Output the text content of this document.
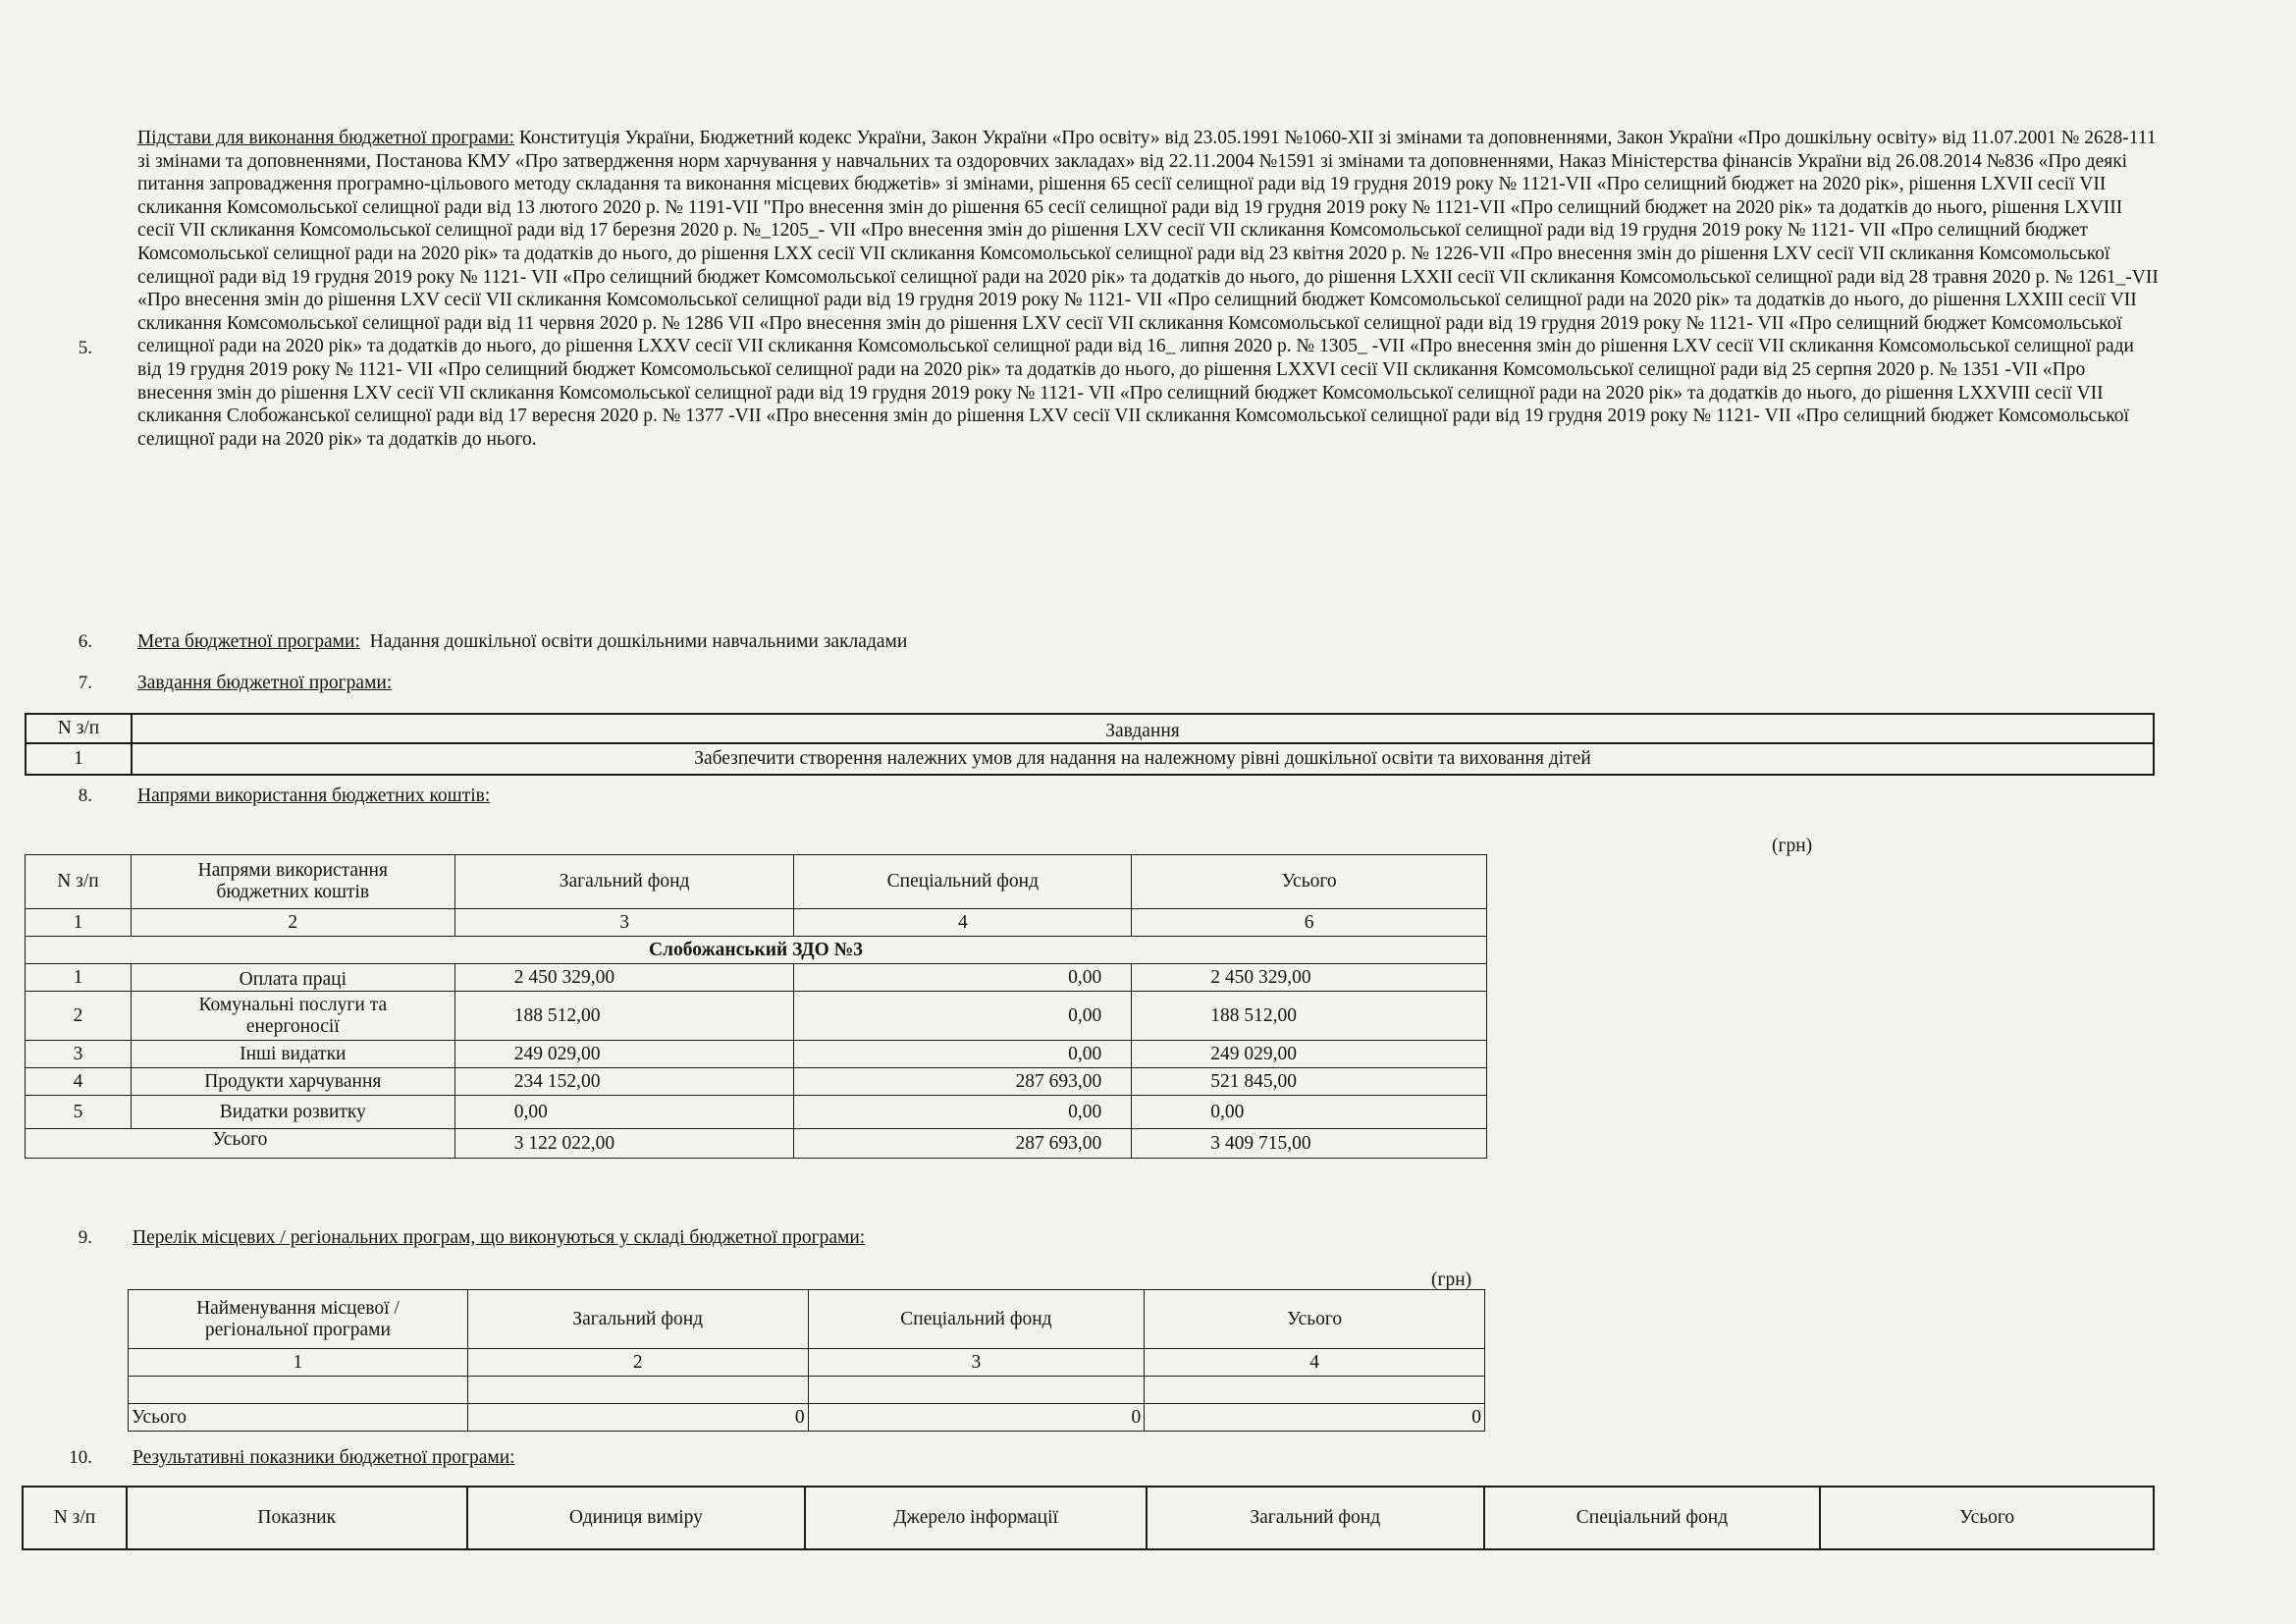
5.
Підстави для виконання бюджетної програми: Конституція України, Бюджетний кодекс України, Закон України «Про освіту» від 23.05.1991 №1060-ХІІ зі змінами та доповненнями, Закон України «Про дошкільну освіту» від 11.07.2001 № 2628-111 зі змінами та доповненнями, Постанова КМУ «Про затвердження норм харчування у навчальних та оздоровчих закладах» від 22.11.2004 №1591 зі змінами та доповненнями, Наказ Міністерства фінансів України від 26.08.2014 №836 «Про деякі питання запровадження програмно-цільового методу складання та виконання місцевих бюджетів» зі змінами, рішення 65 сесії селищної ради від 19 грудня 2019 року № 1121-VІІ «Про селищний бюджет на 2020 рік», рішення LXVII сесії VII скликання Комсомольської селищної ради від 13 лютого 2020 р. № 1191-VII "Про внесення змін до рішення 65 сесії селищної ради від 19 грудня 2019 року № 1121-VІІ «Про селищний бюджет на 2020 рік» та додатків до нього, рішення LXVIII сесії VII скликання Комсомольської селищної ради від 17 березня 2020 р. №_1205_- VII «Про внесення змін до рішення LXV сесії VII скликання Комсомольської селищної ради від 19 грудня 2019 року № 1121- VII «Про селищний бюджет Комсомольської селищної ради на 2020 рік» та додатків до нього, до рішення LXX сесії VII скликання Комсомольської селищної ради від 23 квітня 2020 р. № 1226-VII «Про внесення змін до рішення LXV сесії VII скликання Комсомольської селищної ради від 19 грудня 2019 року № 1121- VII «Про селищний бюджет Комсомольської селищної ради на 2020 рік» та додатків до нього, до рішення LXXII сесії VII скликання Комсомольської селищної ради від 28 травня 2020 р. № 1261_-VII «Про внесення змін до рішення LXV сесії VII скликання Комсомольської селищної ради від 19 грудня 2019 року № 1121- VII «Про селищний бюджет Комсомольської селищної ради на 2020 рік» та додатків до нього, до рішення LXXIII сесії VII скликання Комсомольської селищної ради від 11 червня 2020 р. № 1286 VII «Про внесення змін до рішення LXV сесії VII скликання Комсомольської селищної ради від 19 грудня 2019 року № 1121- VII «Про селищний бюджет Комсомольської селищної ради на 2020 рік» та додатків до нього, до рішення LXXV сесії VII скликання Комсомольської селищної ради від 16_ липня 2020 р. № 1305_ -VII «Про внесення змін до рішення LXV сесії VII скликання Комсомольської селищної ради від 19 грудня 2019 року № 1121- VII «Про селищний бюджет Комсомольської селищної ради на 2020 рік» та додатків до нього, до рішення LXXVI сесії VII скликання Комсомольської селищної ради від 25 серпня 2020 р. № 1351 -VII «Про внесення змін до рішення LXV сесії VII скликання Комсомольської селищної ради від 19 грудня 2019 року № 1121- VII «Про селищний бюджет Комсомольської селищної ради на 2020 рік» та додатків до нього, до рішення LXXVIII сесії VII скликання Слобожанської селищної ради від 17 вересня 2020 р. № 1377 -VII «Про внесення змін до рішення LXV сесії VII скликання Комсомольської селищної ради від 19 грудня 2019 року № 1121- VII «Про селищний бюджет Комсомольської селищної ради на 2020 рік» та додатків до нього.
6. Мета бюджетної програми: Надання дошкільної освіти дошкільними навчальними закладами
7. Завдання бюджетної програми:
N з/п	Завдання
1	Забезпечити створення належних умов для надання на належному рівні дошкільної освіти та виховання дітей
8. Напрями використання бюджетних коштів:
(грн)
N з/п	Напрями використання бюджетних коштів	Загальний фонд	Спеціальний фонд	Усього
1	2	3	4	6
Слобожанський ЗДО №3				
1	Оплата праці	2 450 329,00	0,00	2 450 329,00
2	Комунальні послуги та енергоносії	188 512,00	0,00	188 512,00
3	Інші видатки	249 029,00	0,00	249 029,00
4	Продукти харчування	234 152,00	287 693,00	521 845,00
5	Видатки розвитку	0,00	0,00	0,00
Усього		3 122 022,00	287 693,00	3 409 715,00
9. Перелік місцевих / регіональних програм, що виконуються у складі бюджетної програми:
(грн)
Найменування місцевої / регіональної програми	Загальний фонд	Спеціальний фонд	Усього
1	2	3	4

Усього	0	0	0
10. Результативні показники бюджетної програми:
N з/п	Показник	Одиниця виміру	Джерело інформації	Загальний фонд	Спеціальний фонд	Усього
